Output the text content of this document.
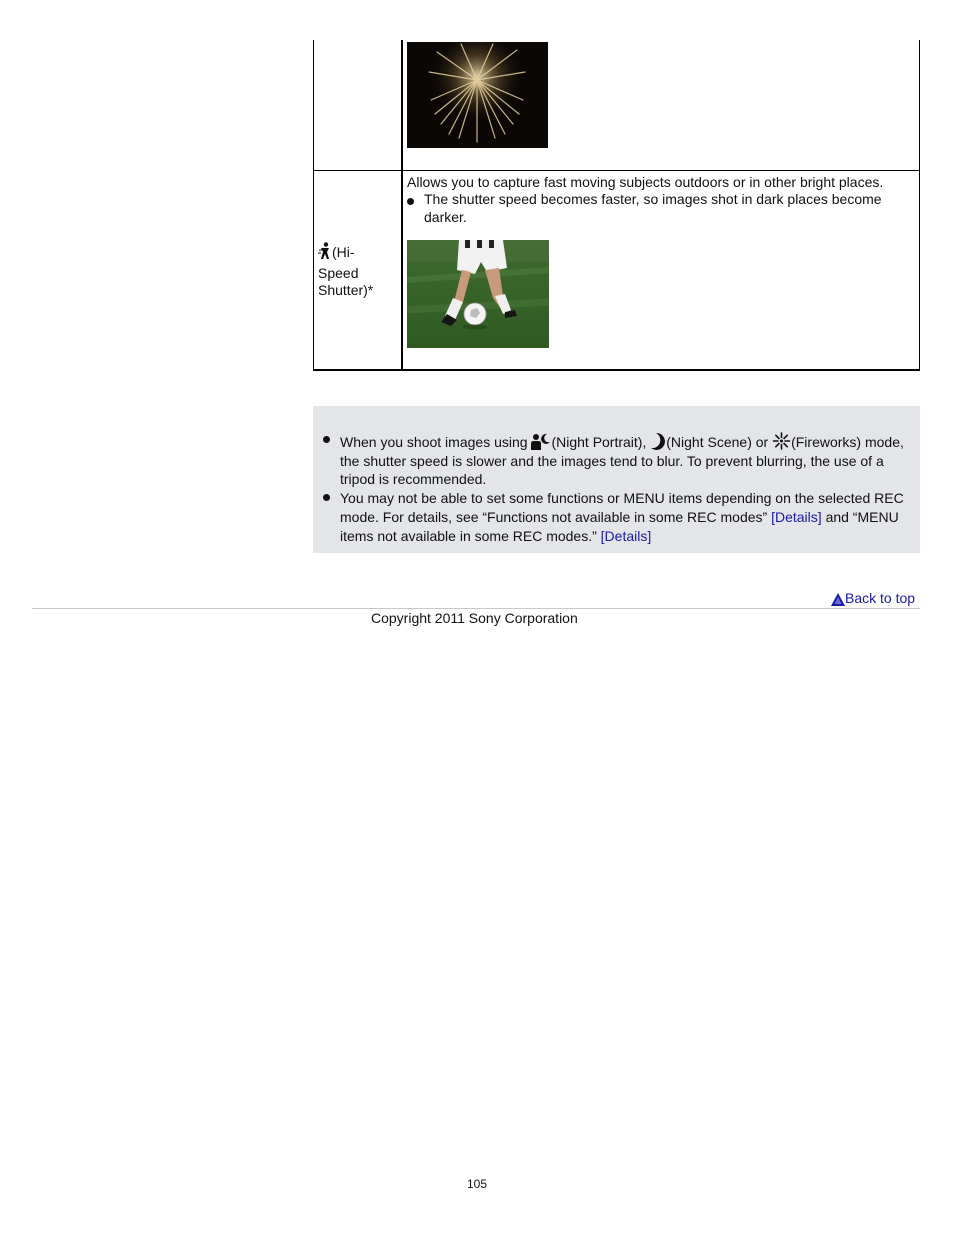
(Hi-
Speed
Shutter)*
Allows you to capture fast moving subjects outdoors or in other bright places.
The shutter speed becomes faster, so images shot in dark places become
darker.
When you shoot images using (Night Portrait), (Night Scene) or (Fireworks) mode,
the shutter speed is slower and the images tend to blur. To prevent blurring, the use of a
tripod is recommended.
You may not be able to set some functions or MENU items depending on the selected REC
mode. For details, see “Functions not available in some REC modes” [Details] and “MENU
items not available in some REC modes.” [Details]
Back to top
Copyright 2011 Sony Corporation
105
